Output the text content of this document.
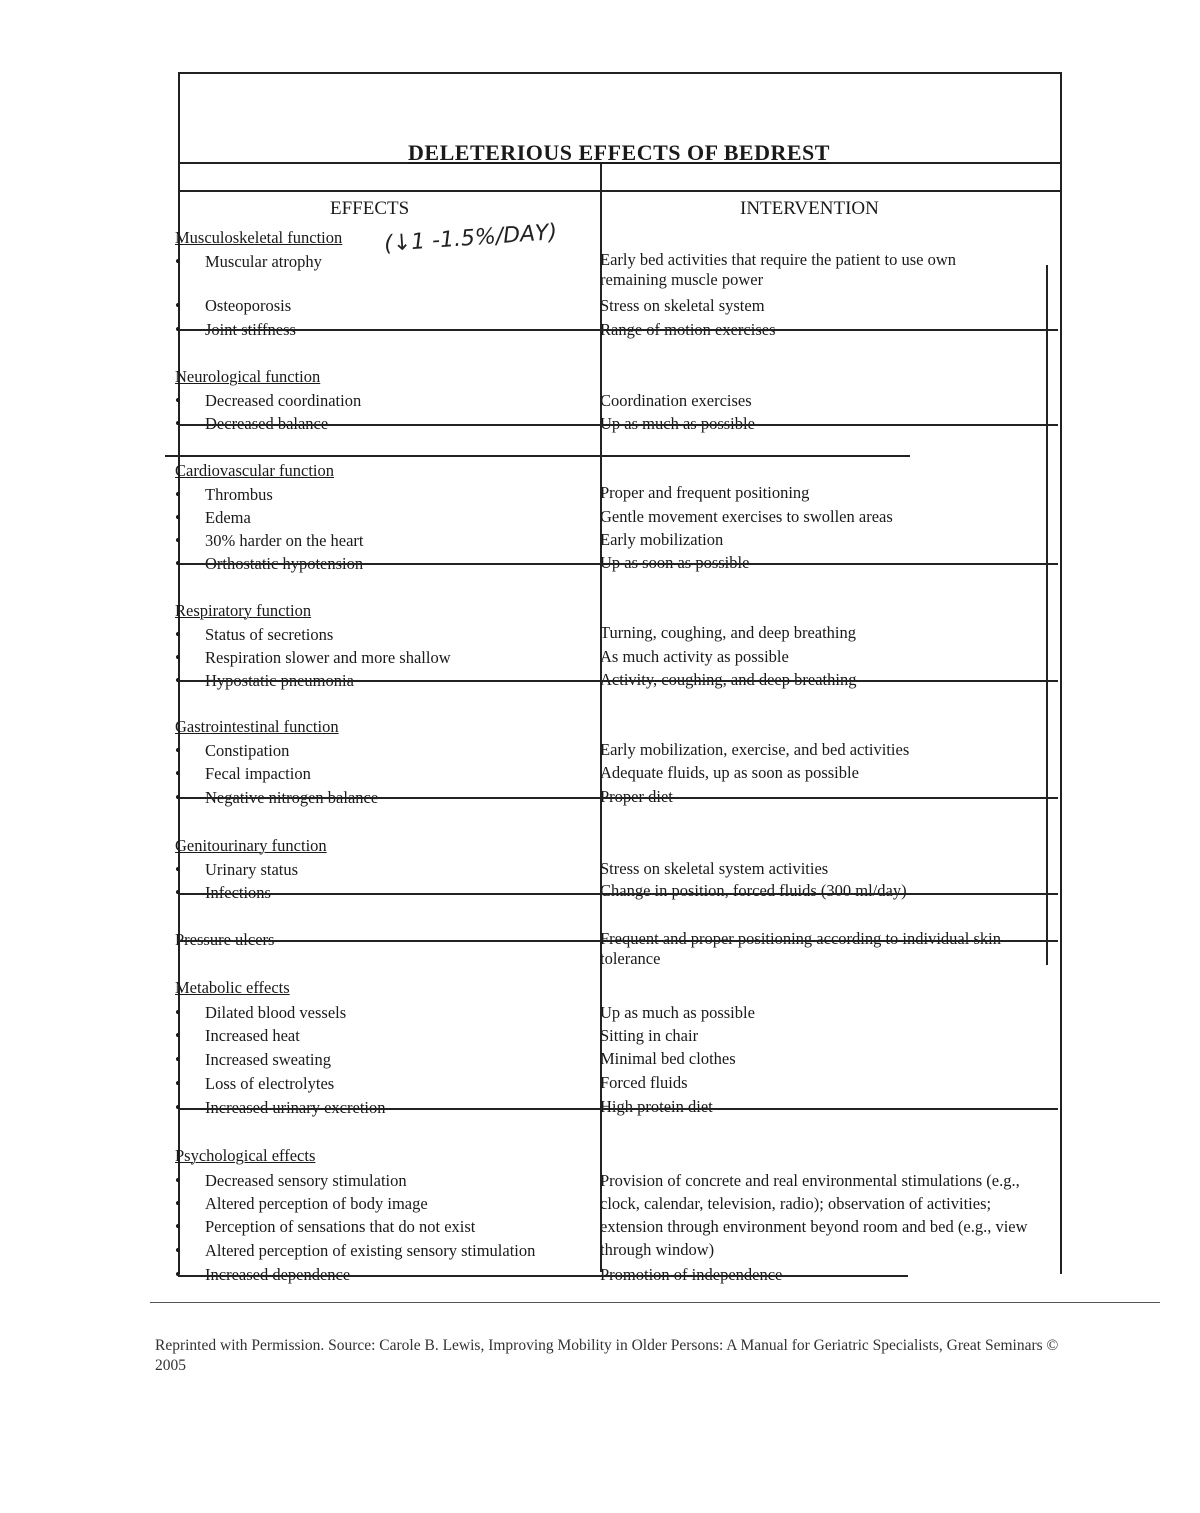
DELETERIOUS EFFECTS OF BEDREST
EFFECTS	INTERVENTION
(↓1 -1.5%/DAY)
Musculoskeletal function
Muscular atrophy	Early bed activities that require the patient to use own remaining muscle power
Osteoporosis	Stress on skeletal system
Joint stiffness	Range of motion exercises
Neurological function
Decreased coordination	Coordination exercises
Decreased balance	Up as much as possible
Cardiovascular function
Thrombus	Proper and frequent positioning
Edema	Gentle movement exercises to swollen areas
30% harder on the heart	Early mobilization
Orthostatic hypotension	Up as soon as possible
Respiratory function
Status of secretions	Turning, coughing, and deep breathing
Respiration slower and more shallow	As much activity as possible
Hypostatic pneumonia	Activity, coughing, and deep breathing
Gastrointestinal function
Constipation	Early mobilization, exercise, and bed activities
Fecal impaction	Adequate fluids, up as soon as possible
Negative nitrogen balance	Proper diet
Genitourinary function
Urinary status	Stress on skeletal system activities
Infections	Change in position, forced fluids (300 ml/day)
Pressure ulcers	Frequent and proper positioning according to individual skin tolerance
Metabolic effects
Dilated blood vessels	Up as much as possible
Increased heat	Sitting in chair
Increased sweating	Minimal bed clothes
Loss of electrolytes	Forced fluids
Increased urinary excretion	High protein diet
Psychological effects
Decreased sensory stimulation	Provision of concrete and real environmental stimulations (e.g., clock, calendar, television, radio); observation of activities; extension through environment beyond room and bed (e.g., view through window)
Altered perception of body image
Perception of sensations that do not exist
Altered perception of existing sensory stimulation
Increased dependence	Promotion of independence
•
•
•
•
•
•
•
•
•
•
•
•
•
•
•
•
•
•
•
•
•
•
•
•
•
•
•
Reprinted with Permission. Source: Carole B. Lewis, Improving Mobility in Older Persons: A Manual for Geriatric Specialists, Great Seminars © 2005
